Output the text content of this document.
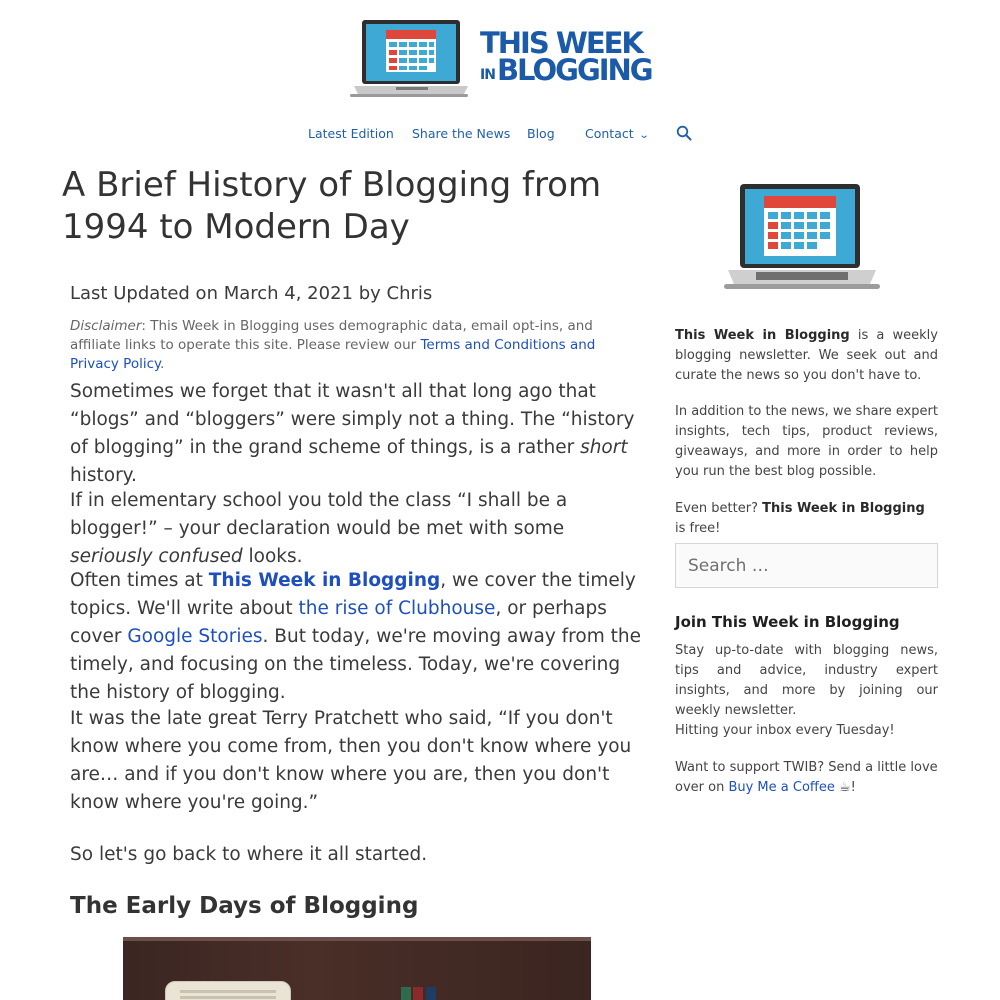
THIS WEEK
INBLOGGING
Latest Edition Share the News Blog Contact ⌄
A Brief History of Blogging from 1994 to Modern Day

Last Updated on March 4, 2021 by Chris

Disclaimer: This Week in Blogging uses demographic data, email opt-ins, and affiliate links to operate this site. Please review our Terms and Conditions and Privacy Policy.

Sometimes we forget that it wasn't all that long ago that “blogs” and “bloggers” were simply not a thing. The “history of blogging” in the grand scheme of things, is a rather short history.

If in elementary school you told the class “I shall be a blogger!” – your declaration would be met with some seriously confused looks.

Often times at This Week in Blogging, we cover the timely topics. We'll write about the rise of Clubhouse, or perhaps cover Google Stories. But today, we're moving away from the timely, and focusing on the timeless. Today, we're covering the history of blogging.

It was the late great Terry Pratchett who said, “If you don't know where you come from, then you don't know where you are… and if you don't know where you are, then you don't know where you're going.”

So let's go back to where it all started.

The Early Days of Blogging

This Week in Blogging is a weekly blogging newsletter. We seek out and curate the news so you don't have to.

In addition to the news, we share expert insights, tech tips, product reviews, giveaways, and more in order to help you run the best blog possible.

Even better? This Week in Blogging is free!

Search …
Join This Week in Blogging

Stay up-to-date with blogging news, tips and advice, industry expert insights, and more by joining our weekly newsletter.

Hitting your inbox every Tuesday!

Want to support TWIB? Send a little love over on Buy Me a Coffee ☕!
